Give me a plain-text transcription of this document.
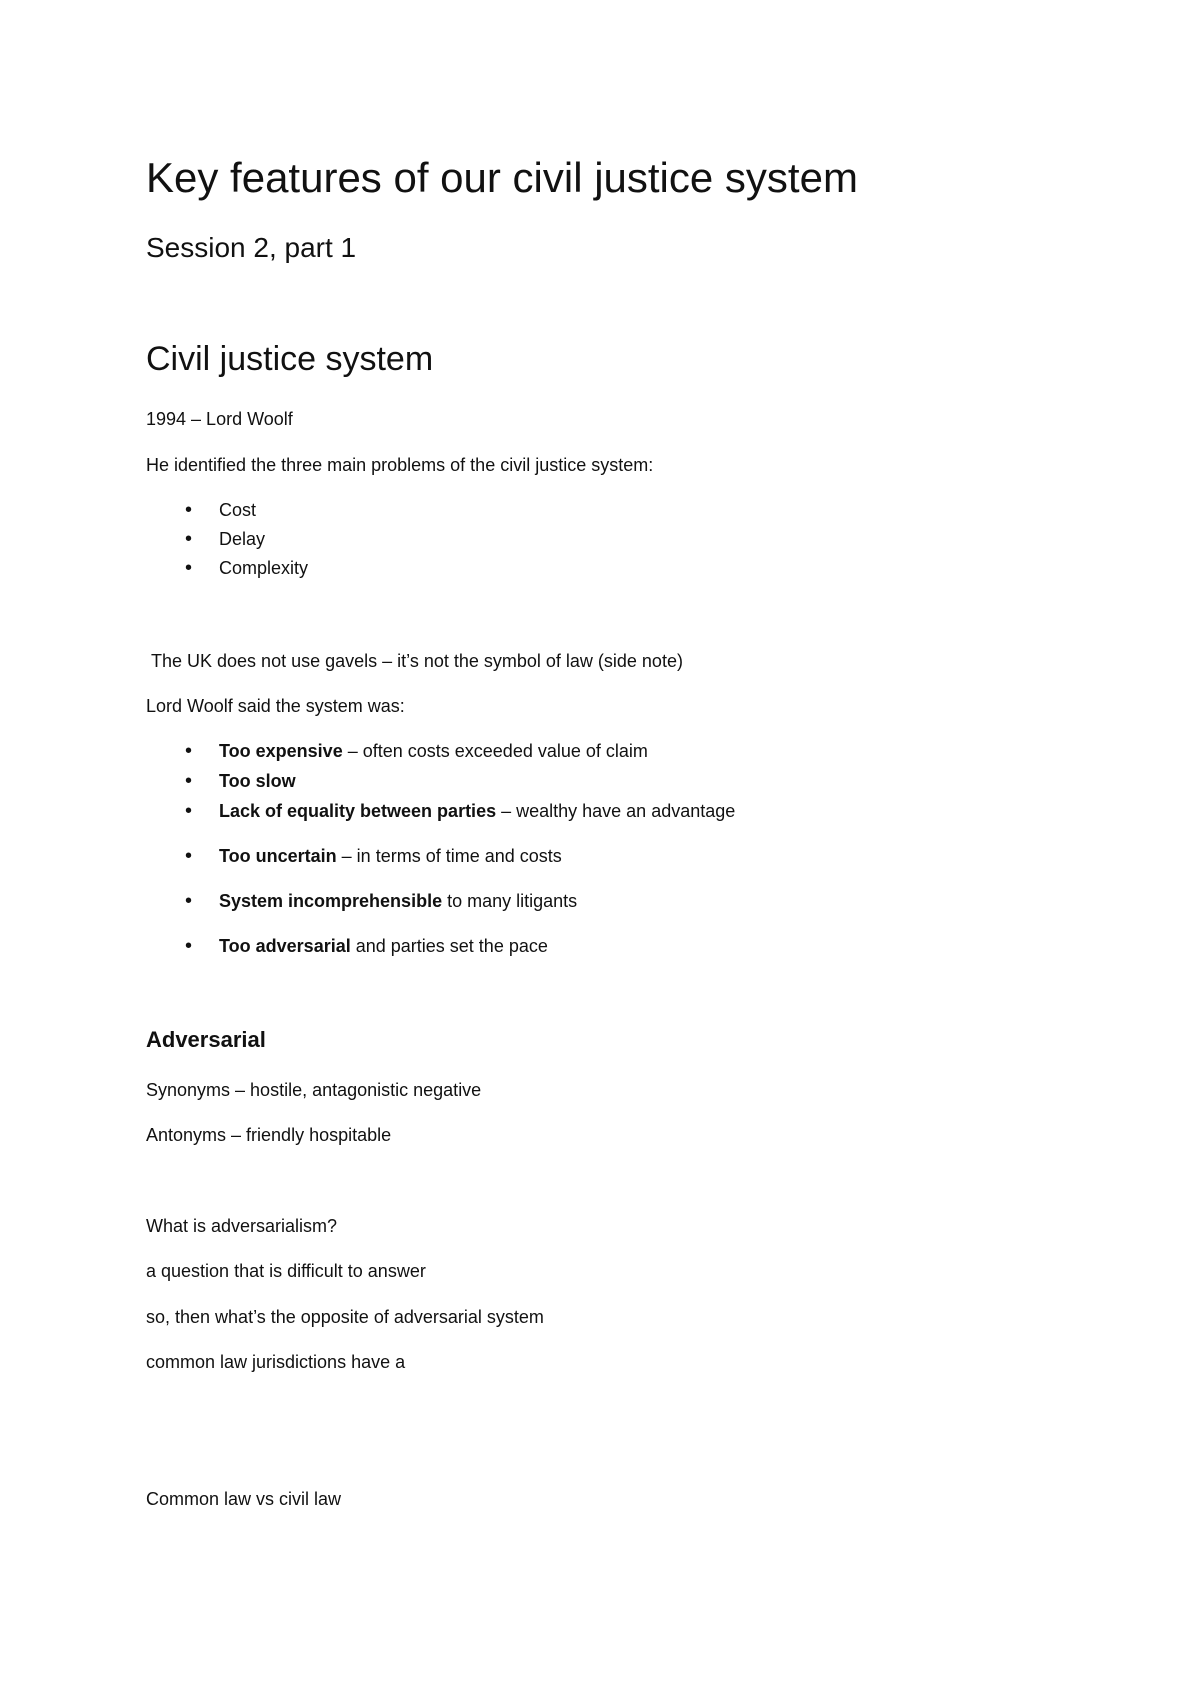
Key features of our civil justice system
Session 2, part 1
Civil justice system

1994 – Lord Woolf

He identified the three main problems of the civil justice system:

• Cost
• Delay
• Complexity

The UK does not use gavels – it’s not the symbol of law (side note)

Lord Woolf said the system was:

• Too expensive – often costs exceeded value of claim
• Too slow
• Lack of equality between parties – wealthy have an advantage
• Too uncertain – in terms of time and costs
• System incomprehensible to many litigants
• Too adversarial and parties set the pace
Adversarial

Synonyms – hostile, antagonistic negative

Antonyms – friendly hospitable

What is adversarialism?

a question that is difficult to answer

so, then what’s the opposite of adversarial system

common law jurisdictions have a

Common law vs civil law
